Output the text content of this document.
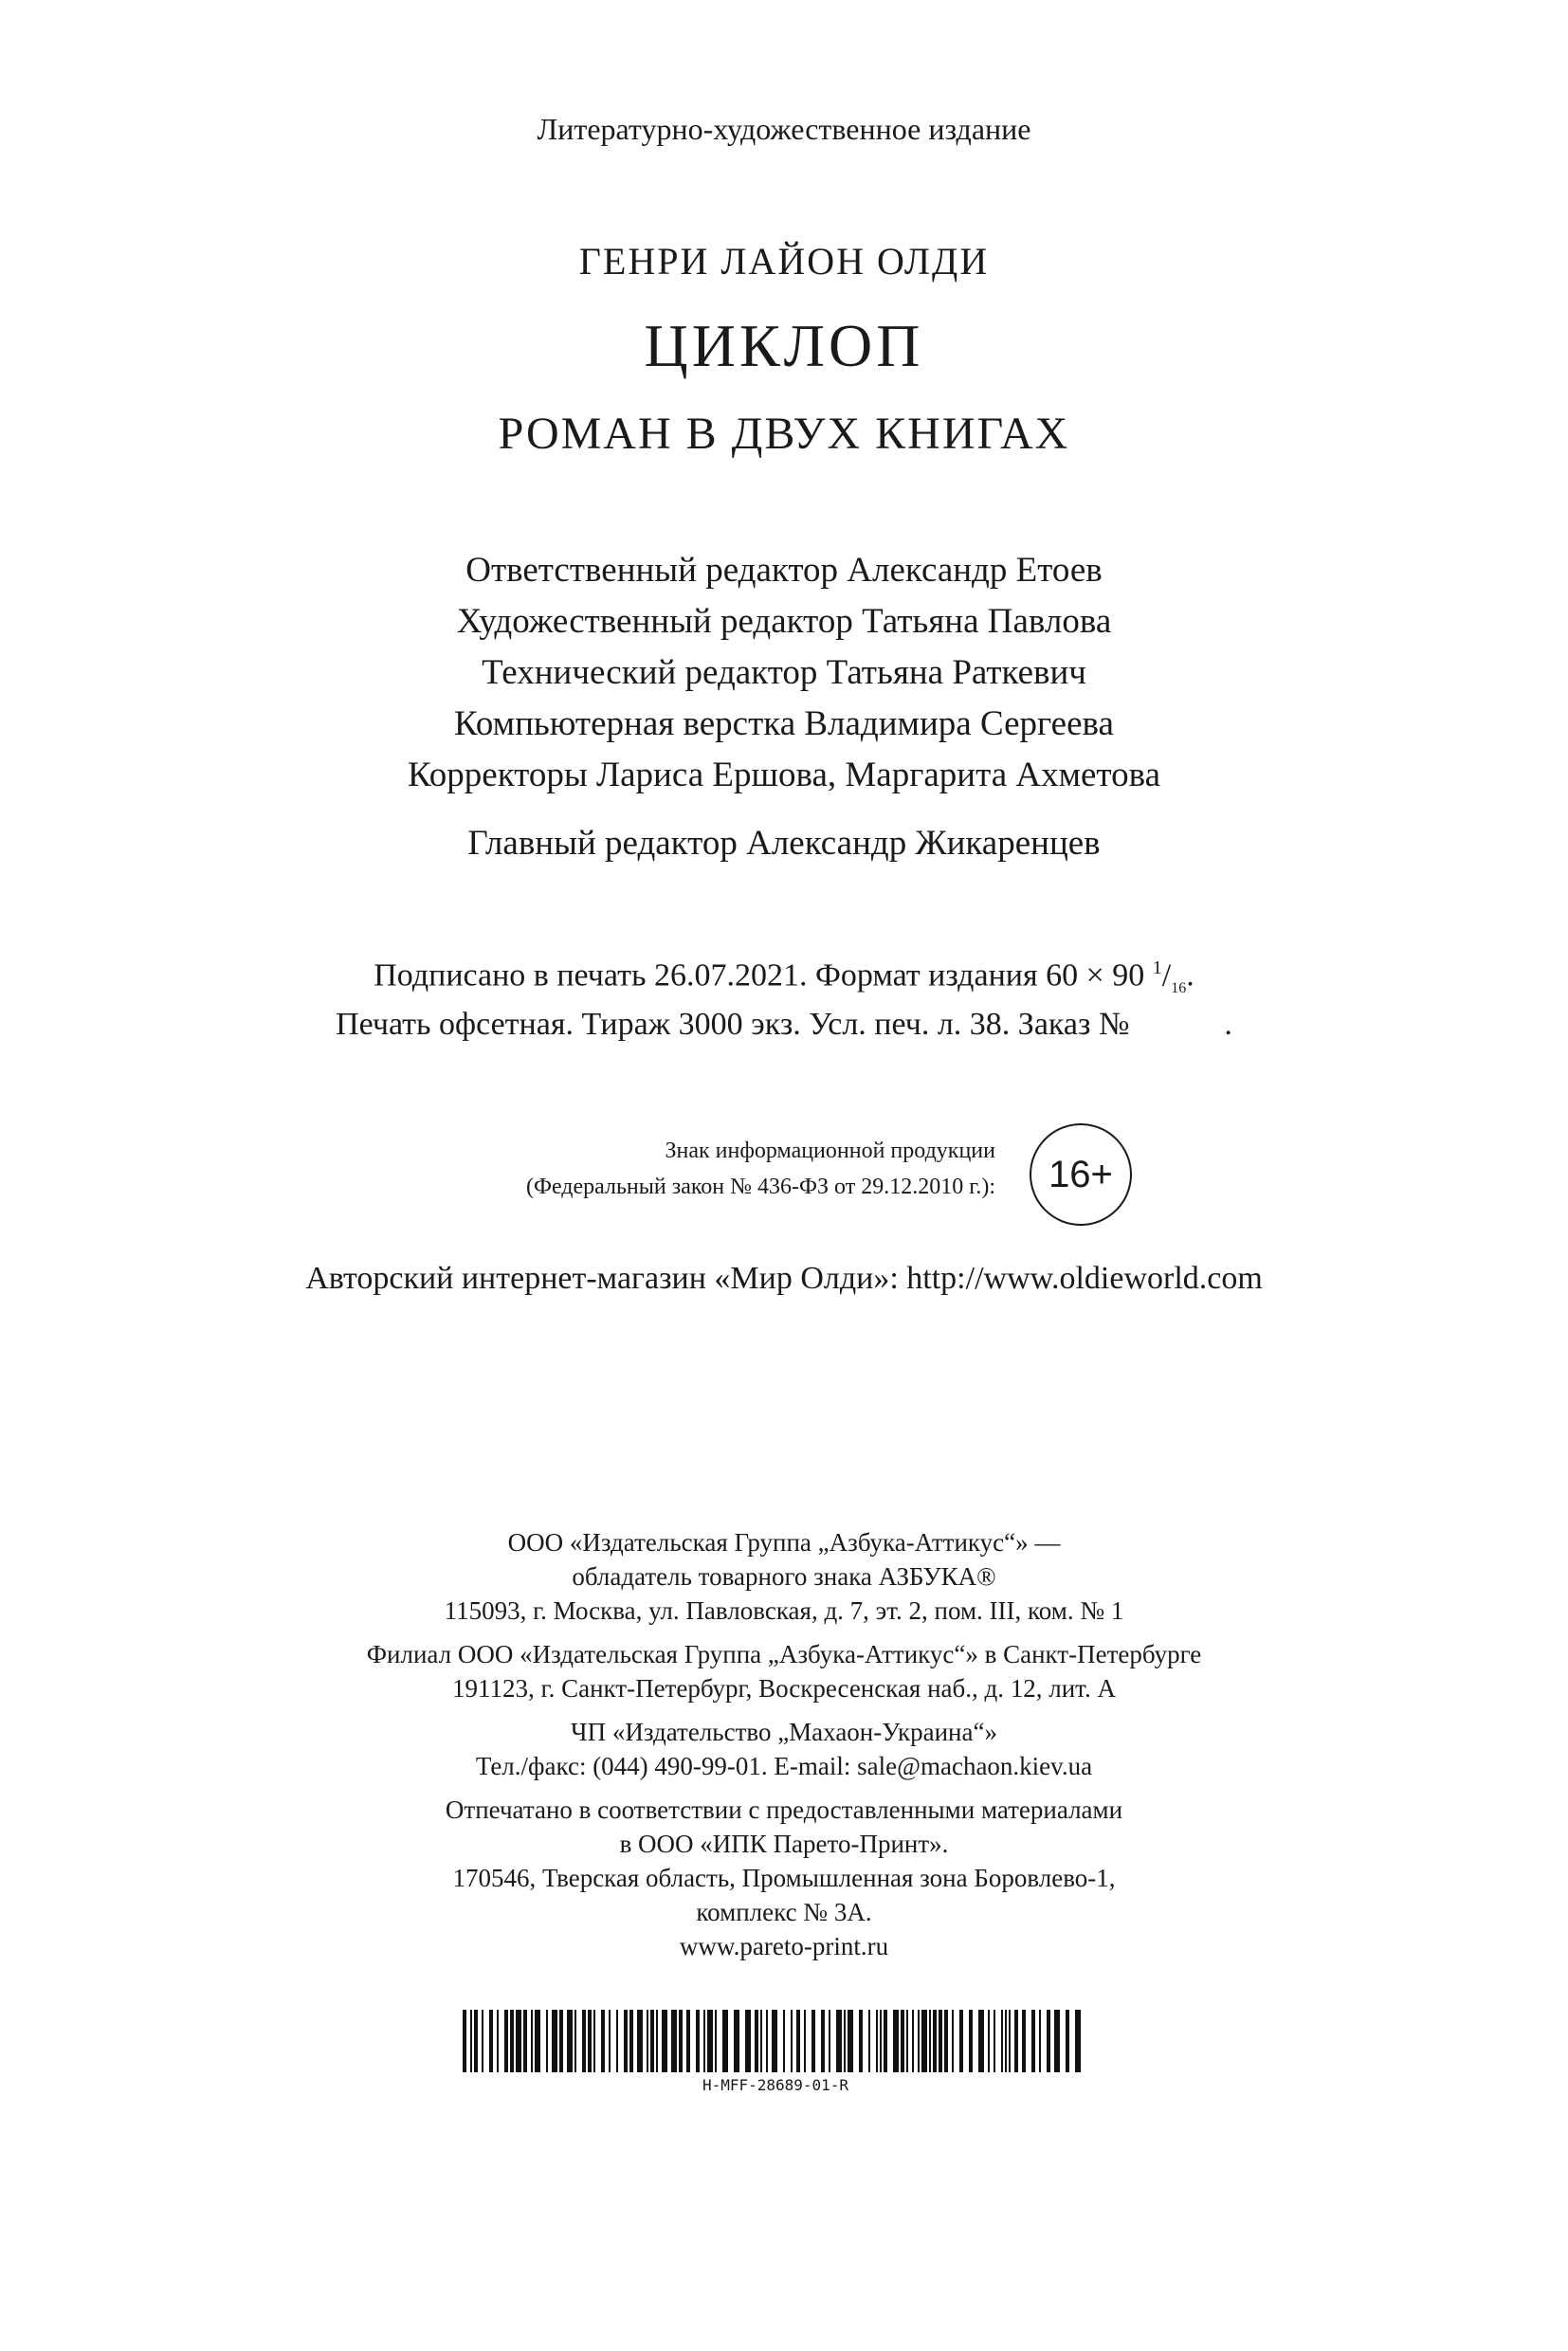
Литературно-художественное издание
ГЕНРИ ЛАЙОН ОЛДИ
ЦИКЛОП
РОМАН В ДВУХ КНИГАХ
Ответственный редактор Александр Етоев
Художественный редактор Татьяна Павлова
Технический редактор Татьяна Раткевич
Компьютерная верстка Владимира Сергеева
Корректоры Лариса Ершова, Маргарита Ахметова
Главный редактор Александр Жикаренцев
Подписано в печать 26.07.2021. Формат издания 60 × 90 $^1/_{16}$.
Печать офсетная. Тираж 3000 экз. Усл. печ. л. 38. Заказ №	.
Знак информационной продукции
(Федеральный закон № 436-ФЗ от 29.12.2010 г.):	16+
Авторский интернет-магазин «Мир Олди»: http://www.oldieworld.com
ООО «Издательская Группа „Азбука-Аттикус“» —
обладатель товарного знака АЗБУКА®
115093, г. Москва, ул. Павловская, д. 7, эт. 2, пом. III, ком. № 1
Филиал ООО «Издательская Группа „Азбука-Аттикус“» в Санкт-Петербурге
191123, г. Санкт-Петербург, Воскресенская наб., д. 12, лит. А
ЧП «Издательство „Махаон-Украина“»
Тел./факс: (044) 490-99-01. E-mail: sale@machaon.kiev.ua
Отпечатано в соответствии с предоставленными материалами
в ООО «ИПК Парето-Принт».
170546, Тверская область, Промышленная зона Боровлево-1,
комплекс № 3А.
www.pareto-print.ru
H-MFF-28689-01-R
